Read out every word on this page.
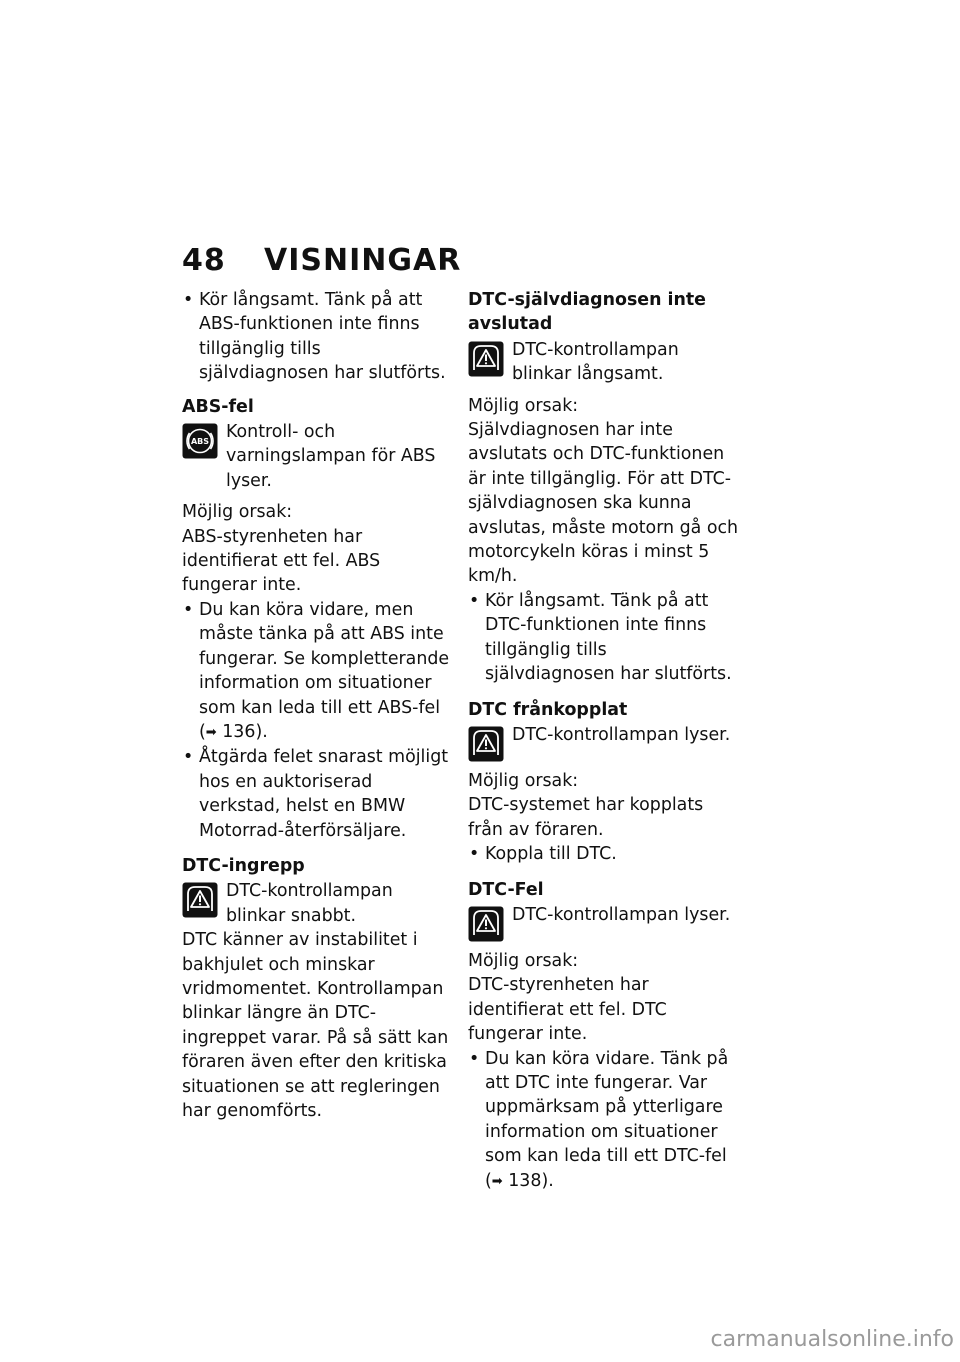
48 VISNINGAR

• Kör långsamt. Tänk på att ABS-funktionen inte finns tillgänglig tills självdiagnosen har slutförts.

ABS-fel

ABS Kontroll- och varningslampan för ABS lyser.

Möjlig orsak:

ABS-styrenheten har identifierat ett fel. ABS fungerar inte.

• Du kan köra vidare, men måste tänka på att ABS inte fungerar. Se kompletterande information om situationer som kan leda till ett ABS-fel (➡ 136).

• Åtgärda felet snarast möjligt hos en auktoriserad verkstad, helst en BMW Motorrad-återförsäljare.

DTC-ingrepp

DTC-kontrollampan blinkar snabbt.

DTC känner av instabilitet i bakhjulet och minskar vridmomentet. Kontrollampan blinkar längre än DTC-ingreppet varar. På så sätt kan föraren även efter den kritiska situationen se att regleringen har genomförts.

DTC-självdiagnosen inte avslutad

DTC-kontrollampan blinkar långsamt.

Möjlig orsak:

Självdiagnosen har inte avslutats och DTC-funktionen är inte tillgänglig. För att DTC-självdiagnosen ska kunna avslutas, måste motorn gå och motorcykeln köras i minst 5 km/h.

• Kör långsamt. Tänk på att DTC-funktionen inte finns tillgänglig tills självdiagnosen har slutförts.

DTC frånkopplat

DTC-kontrollampan lyser.

Möjlig orsak:

DTC-systemet har kopplats från av föraren.

• Koppla till DTC.

DTC-Fel

DTC-kontrollampan lyser.

Möjlig orsak:

DTC-styrenheten har identifierat ett fel. DTC fungerar inte.

• Du kan köra vidare. Tänk på att DTC inte fungerar. Var uppmärksam på ytterligare information om situationer som kan leda till ett DTC-fel (➡ 138).

carmanualsonline.info
